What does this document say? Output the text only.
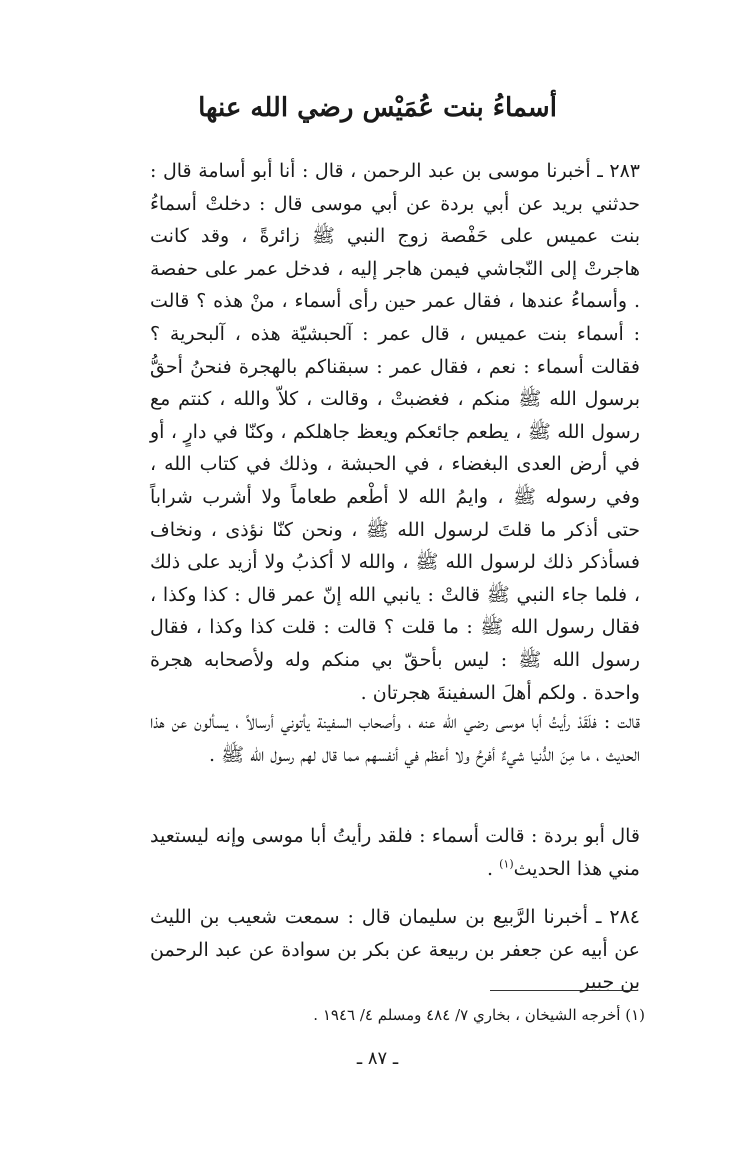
أسماءُ بنت عُمَيْس رضي الله عنها

٢٨٣ ـ أخبرنا موسى بن عبد الرحمن ، قال : أنا أبو أسامة قال : حدثني بريد عن أبي بردة عن أبي موسى قال : دخلتْ أسماءُ بنت عميس على حَفْصة زوج النبي ﷺ زائرةً ، وقد كانت هاجرتْ إلى النّجاشي فيمن هاجر إليه ، فدخل عمر على حفصة . وأسماءُ عندها ، فقال عمر حين رأى أسماء ، منْ هذه ؟ قالت : أسماء بنت عميس ، قال عمر : آلحبشيّة هذه ، آلبحرية ؟ فقالت أسماء : نعم ، فقال عمر : سبقناكم بالهجرة فنحنُ أحقُّ برسول الله ﷺ منكم ، فغضبتْ ، وقالت ، كلاّ والله ، كنتم مع رسول الله ﷺ ، يطعم جائعكم ويعظ جاهلكم ، وكنّا في دارٍ ، أو في أرض العدى البغضاء ، في الحبشة ، وذلك في كتاب الله ، وفي رسوله ﷺ ، وايمُ الله لا أطْعم طعاماً ولا أشرب شراباً حتى أذكر ما قلتَ لرسول الله ﷺ ، ونحن كنّا نؤذى ، ونخاف فسأذكر ذلك لرسول الله ﷺ ، والله لا أكذبُ ولا أزيد على ذلك ، فلما جاء النبي ﷺ قالتْ : يانبي الله إنّ عمر قال : كذا وكذا ، فقال رسول الله ﷺ : ما قلت ؟ قالت : قلت كذا وكذا ، فقال رسول الله ﷺ : ليس بأحقّ بي منكم وله ولأصحابه هجرة واحدة . ولكم أهلَ السفينةَ هجرتان .

قالت : فلَقَدْ رأيتُ أبا موسى رضي الله عنه ، وأصحاب السفينة يأتوني أرسالاً ، يسألون عن هذا الحديث ، ما مِنَ الدُّنيا شيءٌ أفرحُ ولا أعظم في أنفسهم مما قال لهم رسول الله ﷺ .

قال أبو بردة : قالت أسماء : فلقد رأيتُ أبا موسى وإنه ليستعيد مني هذا الحديث$^{(١)}$ .

٢٨٤ ـ أخبرنا الرَّبيع بن سليمان قال : سمعت شعيب بن الليث عن أبيه عن جعفر بن ربيعة عن بكر بن سوادة عن عبد الرحمن بن جبير

(١) أخرجه الشيخان ، بخاري ٧/ ٤٨٤ ومسلم ٤/ ١٩٤٦ .
ـ ٨٧ ـ
